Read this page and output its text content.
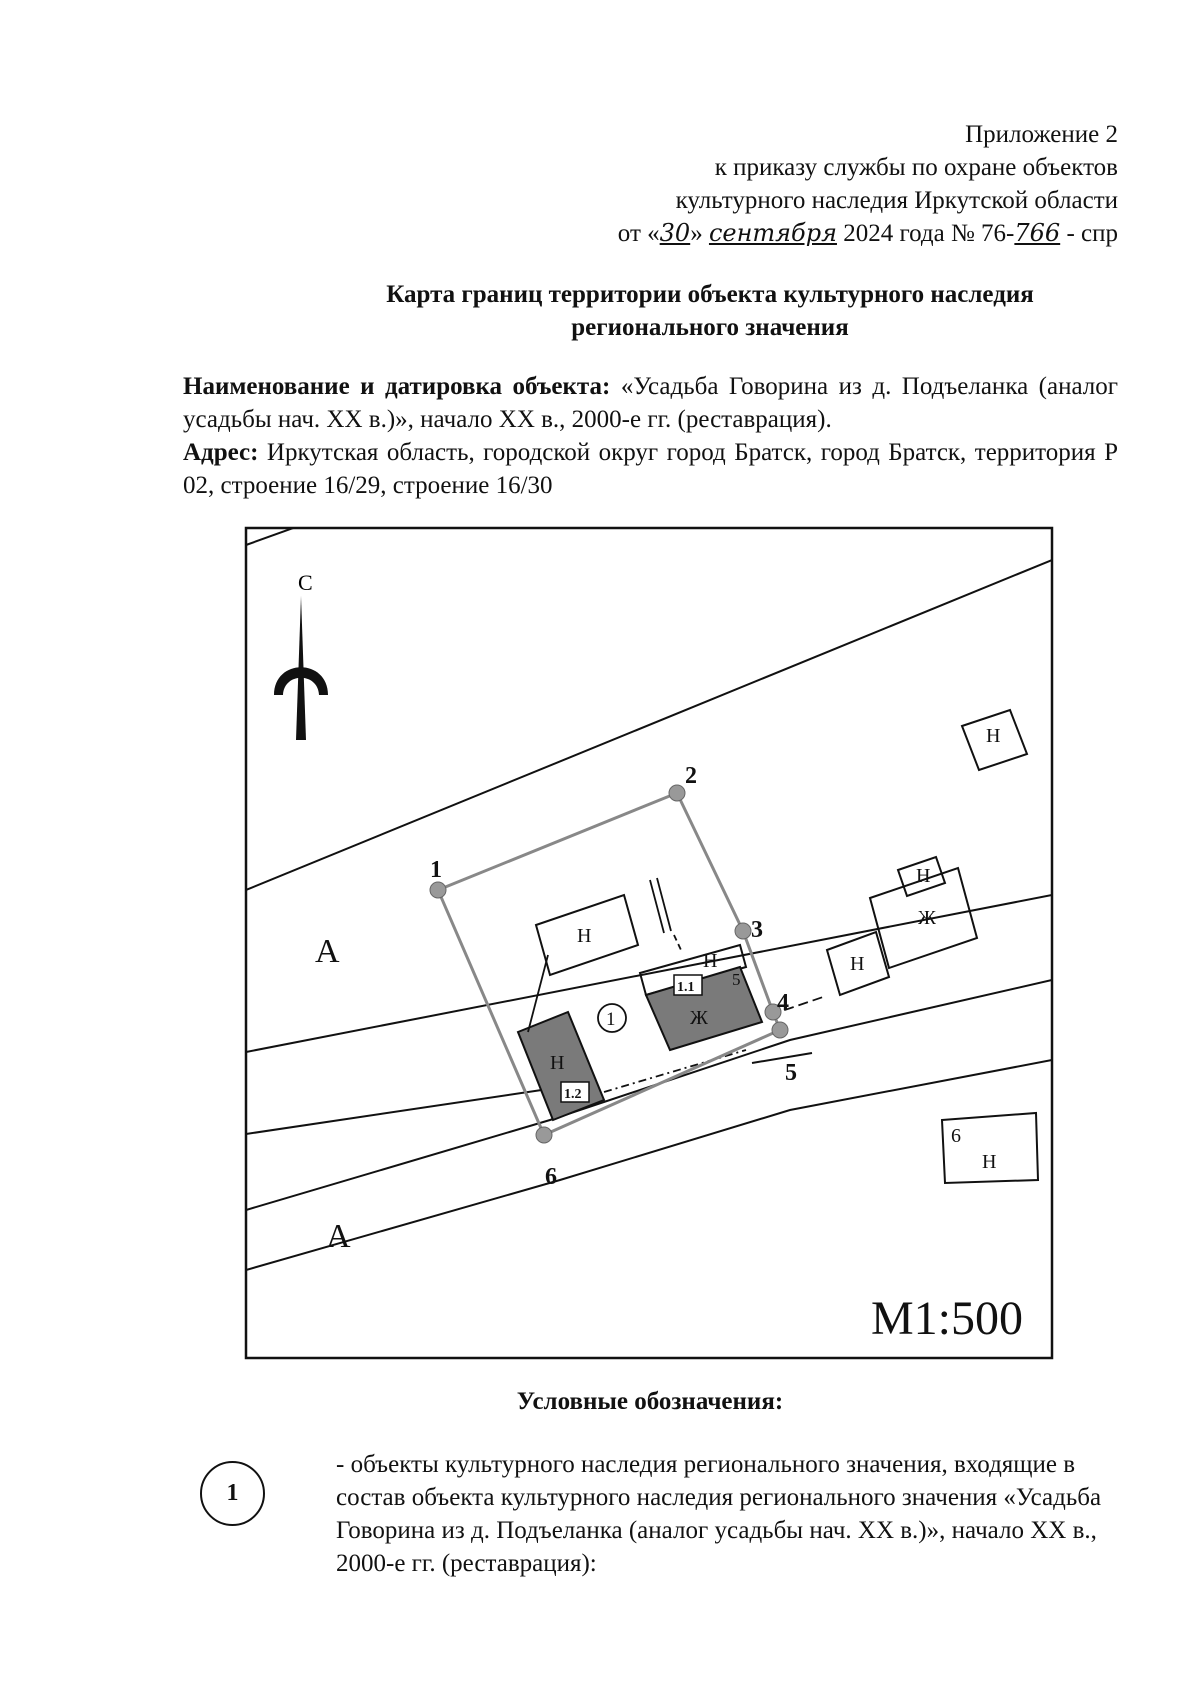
Приложение 2
к приказу службы по охране объектов
культурного наследия Иркутской области
от «30» сентября 2024 года № 76-766 - спр
Карта границ территории объекта культурного наследия
регионального значения

Наименование и датировка объекта: «Усадьба Говорина из д. Подъеланка (аналог усадьбы нач. XX в.)», начало XX в., 2000-е гг. (реставрация).

Адрес: Иркутская область, городской округ город Братск, город Братск, территория Р 02, строение 16/29, строение 16/30

С
1
2
3
4
5
6
А
А
1
Н
Н
Н
Н
Ж
Н
Н
Ж
5
1.1
1.2
6
Н
М1:500
Условные обозначения:
1
- объекты культурного наследия регионального значения, входящие в состав объекта культурного наследия регионального значения «Усадьба Говорина из д. Подъеланка (аналог усадьбы нач. XX в.)», начало XX в., 2000-е гг. (реставрация):
